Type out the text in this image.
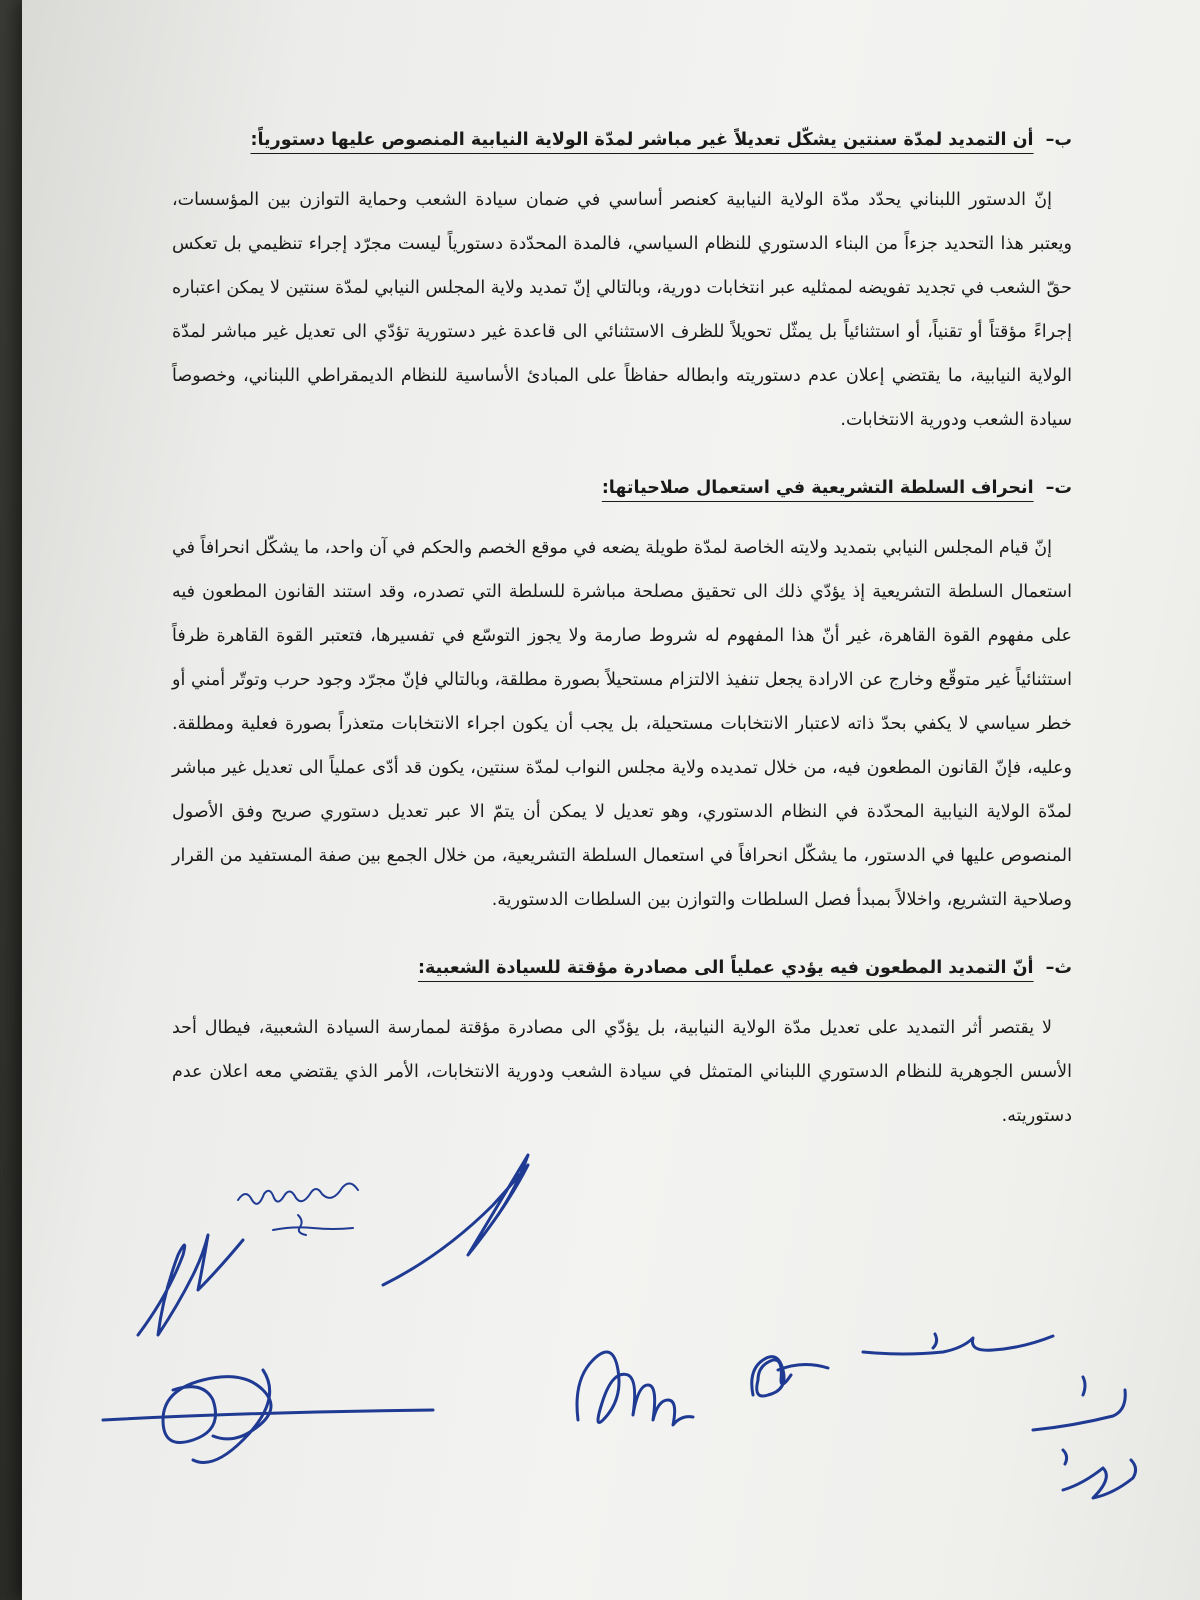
ب– أن التمديد لمدّة سنتين يشكّل تعديلاً غير مباشر لمدّة الولاية النيابية المنصوص عليها دستورياً:

إنّ الدستور اللبناني يحدّد مدّة الولاية النيابية كعنصر أساسي في ضمان سيادة الشعب وحماية التوازن بين المؤسسات، ويعتبر هذا التحديد جزءاً من البناء الدستوري للنظام السياسي، فالمدة المحدّدة دستورياً ليست مجرّد إجراء تنظيمي بل تعكس حقّ الشعب في تجديد تفويضه لممثليه عبر انتخابات دورية، وبالتالي إنّ تمديد ولاية المجلس النيابي لمدّة سنتين لا يمكن اعتباره إجراءً مؤقتاً أو تقنياً، أو استثنائياً بل يمثّل تحويلاً للظرف الاستثنائي الى قاعدة غير دستورية تؤدّي الى تعديل غير مباشر لمدّة الولاية النيابية، ما يقتضي إعلان عدم دستوريته وابطاله حفاظاً على المبادئ الأساسية للنظام الديمقراطي اللبناني، وخصوصاً سيادة الشعب ودورية الانتخابات.

ت– انحراف السلطة التشريعية في استعمال صلاحياتها:

إنّ قيام المجلس النيابي بتمديد ولايته الخاصة لمدّة طويلة يضعه في موقع الخصم والحكم في آن واحد، ما يشكّل انحرافاً في استعمال السلطة التشريعية إذ يؤدّي ذلك الى تحقيق مصلحة مباشرة للسلطة التي تصدره، وقد استند القانون المطعون فيه على مفهوم القوة القاهرة، غير أنّ هذا المفهوم له شروط صارمة ولا يجوز التوسّع في تفسيرها، فتعتبر القوة القاهرة ظرفاً استثنائياً غير متوقّع وخارج عن الارادة يجعل تنفيذ الالتزام مستحيلاً بصورة مطلقة، وبالتالي فإنّ مجرّد وجود حرب وتوتّر أمني أو خطر سياسي لا يكفي بحدّ ذاته لاعتبار الانتخابات مستحيلة، بل يجب أن يكون اجراء الانتخابات متعذراً بصورة فعلية ومطلقة. وعليه، فإنّ القانون المطعون فيه، من خلال تمديده ولاية مجلس النواب لمدّة سنتين، يكون قد أدّى عملياً الى تعديل غير مباشر لمدّة الولاية النيابية المحدّدة في النظام الدستوري، وهو تعديل لا يمكن أن يتمّ الا عبر تعديل دستوري صريح وفق الأصول المنصوص عليها في الدستور، ما يشكّل انحرافاً في استعمال السلطة التشريعية، من خلال الجمع بين صفة المستفيد من القرار وصلاحية التشريع، واخلالاً بمبدأ فصل السلطات والتوازن بين السلطات الدستورية.

ث– أنّ التمديد المطعون فيه يؤدي عملياً الى مصادرة مؤقتة للسيادة الشعبية:

لا يقتصر أثر التمديد على تعديل مدّة الولاية النيابية، بل يؤدّي الى مصادرة مؤقتة لممارسة السيادة الشعبية، فيطال أحد الأسس الجوهرية للنظام الدستوري اللبناني المتمثل في سيادة الشعب ودورية الانتخابات، الأمر الذي يقتضي معه اعلان عدم دستوريته.
